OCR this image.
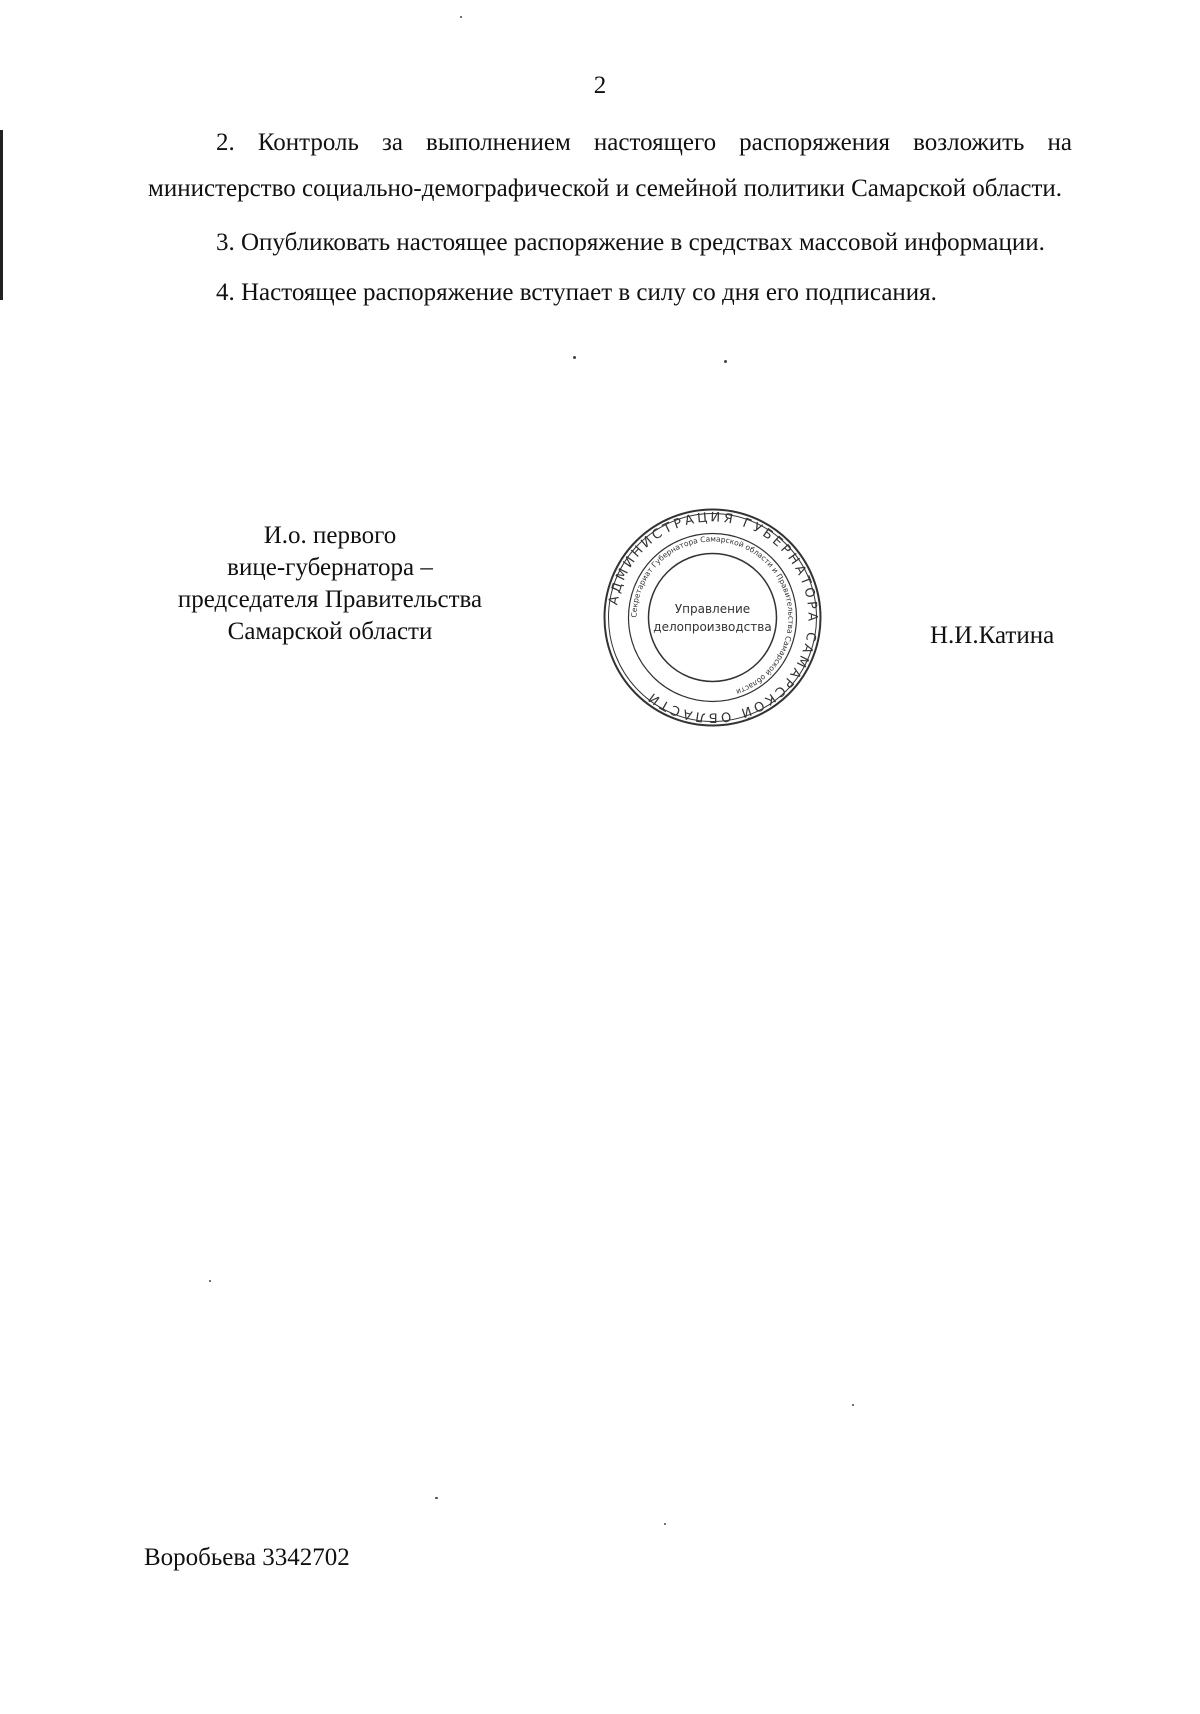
2

2. Контроль за выполнением настоящего распоряжения возложить на министерство социально-демографической и семейной политики Самарской области.

3. Опубликовать настоящее распоряжение в средствах массовой информации.

4. Настоящее распоряжение вступает в силу со дня его подписания.

И.о. первого
вице-губернатора –
председателя Правительства
Самарской области
АДМИНИСТРАЦИЯ ГУБЕРНАТОРА САМАРСКОЙ ОБЛАСТИ
Секретариат Губернатора Самарской области и Правительства Самарской области
Управление
делопроизводства	Н.И.Катина
Воробьева 3342702
